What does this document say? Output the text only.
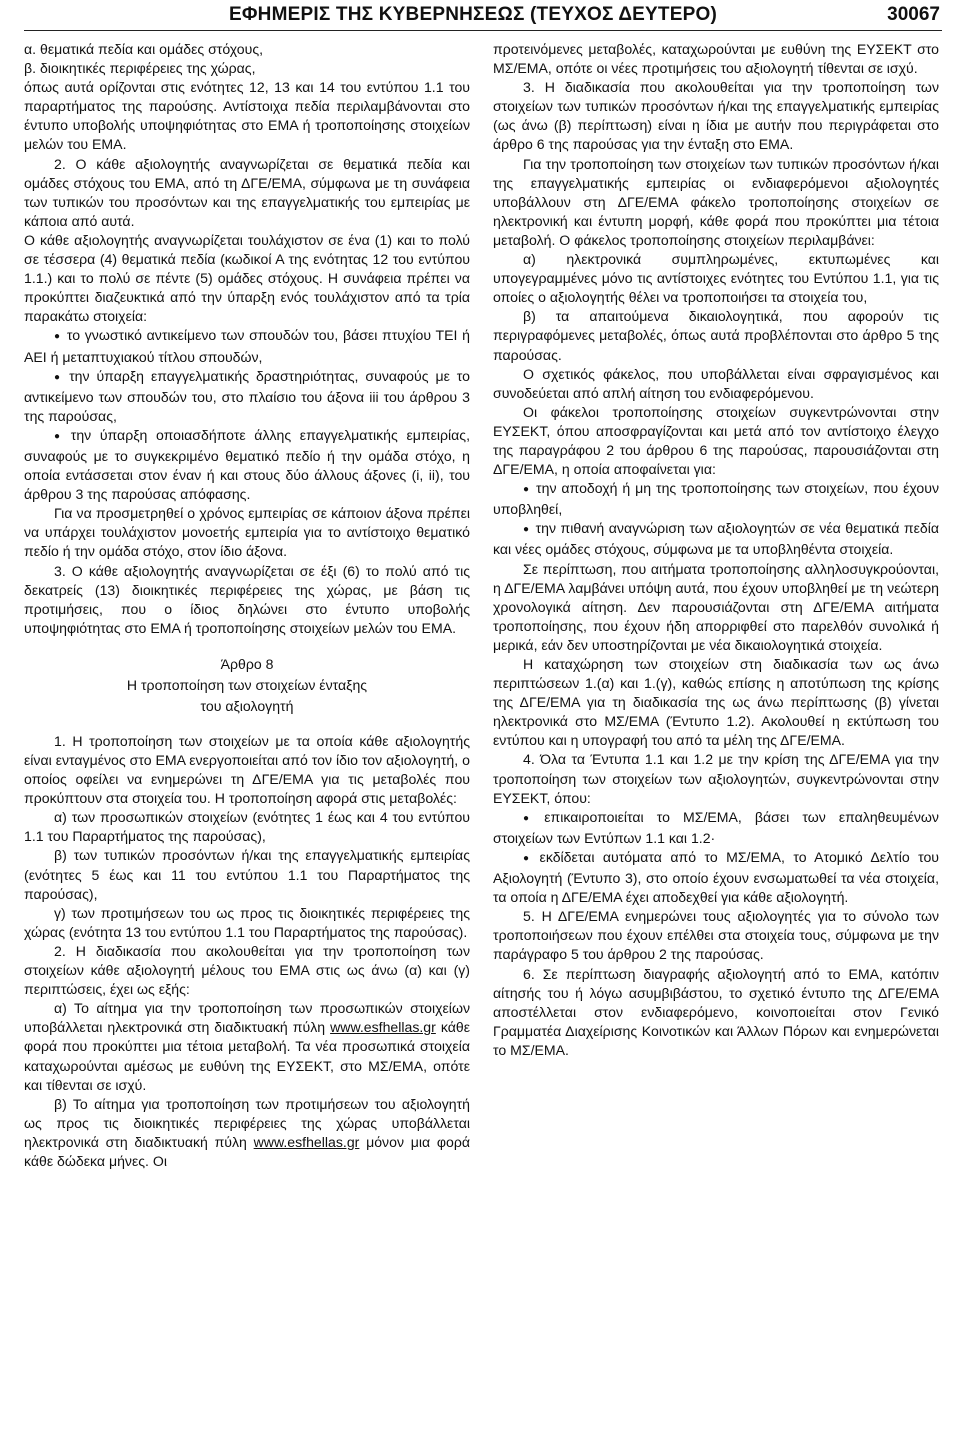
ΕΦΗΜΕΡΙΣ ΤΗΣ ΚΥΒΕΡΝΗΣΕΩΣ (ΤΕΥΧΟΣ ΔΕΥΤΕΡΟ)	30067

α. θεματικά πεδία και ομάδες στόχους,

β. διοικητικές περιφέρειες της χώρας,

όπως αυτά ορίζονται στις ενότητες 12, 13 και 14 του εντύπου 1.1 του παραρτήματος της παρούσης. Αντίστοιχα πεδία περιλαμβάνονται στο έντυπο υποβολής υποψηφιότητας στο ΕΜΑ ή τροποποίησης στοιχείων μελών του ΕΜΑ.

2. Ο κάθε αξιολογητής αναγνωρίζεται σε θεματικά πεδία και ομάδες στόχους του ΕΜΑ, από τη ΔΓΕ/ΕΜΑ, σύμφωνα με τη συνάφεια των τυπικών του προσόντων και της επαγγελματικής του εμπειρίας με κάποια από αυτά.

Ο κάθε αξιολογητής αναγνωρίζεται τουλάχιστον σε ένα (1) και το πολύ σε τέσσερα (4) θεματικά πεδία (κωδικοί Α της ενότητας 12 του εντύπου 1.1.) και το πολύ σε πέντε (5) ομάδες στόχους. Η συνάφεια πρέπει να προκύπτει διαζευκτικά από την ύπαρξη ενός τουλάχιστον από τα τρία παρακάτω στοιχεία:

● το γνωστικό αντικείμενο των σπουδών του, βάσει πτυχίου ΤΕΙ ή ΑΕΙ ή μεταπτυχιακού τίτλου σπουδών,

● την ύπαρξη επαγγελματικής δραστηριότητας, συναφούς με το αντικείμενο των σπουδών του, στο πλαίσιο του άξονα iii του άρθρου 3 της παρούσας,

● την ύπαρξη οποιασδήποτε άλλης επαγγελματικής εμπειρίας, συναφούς με το συγκεκριμένο θεματικό πεδίο ή την ομάδα στόχο, η οποία εντάσσεται στον έναν ή και στους δύο άλλους άξονες (i, ii), του άρθρου 3 της παρούσας απόφασης.

Για να προσμετρηθεί ο χρόνος εμπειρίας σε κάποιον άξονα πρέπει να υπάρχει τουλάχιστον μονοετής εμπειρία για το αντίστοιχο θεματικό πεδίο ή την ομάδα στόχο, στον ίδιο άξονα.

3. Ο κάθε αξιολογητής αναγνωρίζεται σε έξι (6) το πολύ από τις δεκατρείς (13) διοικητικές περιφέρειες της χώρας, με βάση τις προτιμήσεις, που ο ίδιος δηλώνει στο έντυπο υποβολής υποψηφιότητας στο ΕΜΑ ή τροποποίησης στοιχείων μελών του ΕΜΑ.

Άρθρο 8
Η τροποποίηση των στοιχείων ένταξης
του αξιολογητή

1. Η τροποποίηση των στοιχείων με τα οποία κάθε αξιολογητής είναι ενταγμένος στο ΕΜΑ ενεργοποιείται από τον ίδιο τον αξιολογητή, ο οποίος οφείλει να ενημερώνει τη ΔΓΕ/ΕΜΑ για τις μεταβολές που προκύπτουν στα στοιχεία του. Η τροποποίηση αφορά στις μεταβολές:

α) των προσωπικών στοιχείων (ενότητες 1 έως και 4 του εντύπου 1.1 του Παραρτήματος της παρούσας),

β) των τυπικών προσόντων ή/και της επαγγελματικής εμπειρίας (ενότητες 5 έως και 11 του εντύπου 1.1 του Παραρτήματος της παρούσας),

γ) των προτιμήσεων του ως προς τις διοικητικές περιφέρειες της χώρας (ενότητα 13 του εντύπου 1.1 του Παραρτήματος της παρούσας).

2. Η διαδικασία που ακολουθείται για την τροποποίηση των στοιχείων κάθε αξιολογητή μέλους του ΕΜΑ στις ως άνω (α) και (γ) περιπτώσεις, έχει ως εξής:

α) Το αίτημα για την τροποποίηση των προσωπικών στοιχείων υποβάλλεται ηλεκτρονικά στη διαδικτυακή πύλη www.esfhellas.gr κάθε φορά που προκύπτει μια τέτοια μεταβολή. Τα νέα προσωπικά στοιχεία καταχωρούνται αμέσως με ευθύνη της ΕΥΣΕΚΤ, στο ΜΣ/ΕΜΑ, οπότε και τίθενται σε ισχύ.

β) Το αίτημα για τροποποίηση των προτιμήσεων του αξιολογητή ως προς τις διοικητικές περιφέρειες της χώρας υποβάλλεται ηλεκτρονικά στη διαδικτυακή πύλη www.esfhellas.gr μόνον μια φορά κάθε δώδεκα μήνες. Οι

προτεινόμενες μεταβολές, καταχωρούνται με ευθύνη της ΕΥΣΕΚΤ στο ΜΣ/ΕΜΑ, οπότε οι νέες προτιμήσεις του αξιολογητή τίθενται σε ισχύ.

3. Η διαδικασία που ακολουθείται για την τροποποίηση των στοιχείων των τυπικών προσόντων ή/και της επαγγελματικής εμπειρίας (ως άνω (β) περίπτωση) είναι η ίδια με αυτήν που περιγράφεται στο άρθρο 6 της παρούσας για την ένταξη στο ΕΜΑ.

Για την τροποποίηση των στοιχείων των τυπικών προσόντων ή/και της επαγγελματικής εμπειρίας οι ενδιαφερόμενοι αξιολογητές υποβάλλουν στη ΔΓΕ/ΕΜΑ φάκελο τροποποίησης στοιχείων σε ηλεκτρονική και έντυπη μορφή, κάθε φορά που προκύπτει μια τέτοια μεταβολή. Ο φάκελος τροποποίησης στοιχείων περιλαμβάνει:

α) ηλεκτρονικά συμπληρωμένες, εκτυπωμένες και υπογεγραμμένες μόνο τις αντίστοιχες ενότητες του Εντύπου 1.1, για τις οποίες ο αξιολογητής θέλει να τροποποιήσει τα στοιχεία του,

β) τα απαιτούμενα δικαιολογητικά, που αφορούν τις περιγραφόμενες μεταβολές, όπως αυτά προβλέπονται στο άρθρο 5 της παρούσας.

Ο σχετικός φάκελος, που υποβάλλεται είναι σφραγισμένος και συνοδεύεται από απλή αίτηση του ενδιαφερόμενου.

Οι φάκελοι τροποποίησης στοιχείων συγκεντρώνονται στην ΕΥΣΕΚΤ, όπου αποσφραγίζονται και μετά από τον αντίστοιχο έλεγχο της παραγράφου 2 του άρθρου 6 της παρούσας, παρουσιάζονται στη ΔΓΕ/ΕΜΑ, η οποία αποφαίνεται για:

● την αποδοχή ή μη της τροποποίησης των στοιχείων, που έχουν υποβληθεί,

● την πιθανή αναγνώριση των αξιολογητών σε νέα θεματικά πεδία και νέες ομάδες στόχους, σύμφωνα με τα υποβληθέντα στοιχεία.

Σε περίπτωση, που αιτήματα τροποποίησης αλληλοσυγκρούονται, η ΔΓΕ/ΕΜΑ λαμβάνει υπόψη αυτά, που έχουν υποβληθεί με τη νεώτερη χρονολογικά αίτηση. Δεν παρουσιάζονται στη ΔΓΕ/ΕΜΑ αιτήματα τροποποίησης, που έχουν ήδη απορριφθεί στο παρελθόν συνολικά ή μερικά, εάν δεν υποστηρίζονται με νέα δικαιολογητικά στοιχεία.

Η καταχώρηση των στοιχείων στη διαδικασία των ως άνω περιπτώσεων 1.(α) και 1.(γ), καθώς επίσης η αποτύπωση της κρίσης της ΔΓΕ/ΕΜΑ για τη διαδικασία της ως άνω περίπτωσης (β) γίνεται ηλεκτρονικά στο ΜΣ/ΕΜΑ (Έντυπο 1.2). Ακολουθεί η εκτύπωση του εντύπου και η υπογραφή του από τα μέλη της ΔΓΕ/ΕΜΑ.

4. Όλα τα Έντυπα 1.1 και 1.2 με την κρίση της ΔΓΕ/ΕΜΑ για την τροποποίηση των στοιχείων των αξιολογητών, συγκεντρώνονται στην ΕΥΣΕΚΤ, όπου:

● επικαιροποιείται το ΜΣ/ΕΜΑ, βάσει των επαληθευμένων στοιχείων των Εντύπων 1.1 και 1.2·

● εκδίδεται αυτόματα από το ΜΣ/ΕΜΑ, το Ατομικό Δελτίο του Αξιολογητή (Έντυπο 3), στο οποίο έχουν ενσωματωθεί τα νέα στοιχεία, τα οποία η ΔΓΕ/ΕΜΑ έχει αποδεχθεί για κάθε αξιολογητή.

5. Η ΔΓΕ/ΕΜΑ ενημερώνει τους αξιολογητές για το σύνολο των τροποποιήσεων που έχουν επέλθει στα στοιχεία τους, σύμφωνα με την παράγραφο 5 του άρθρου 2 της παρούσας.

6. Σε περίπτωση διαγραφής αξιολογητή από το ΕΜΑ, κατόπιν αίτησής του ή λόγω ασυμβιβάστου, το σχετικό έντυπο της ΔΓΕ/ΕΜΑ αποστέλλεται στον ενδιαφερόμενο, κοινοποιείται στον Γενικό Γραμματέα Διαχείρισης Κοινοτικών και Άλλων Πόρων και ενημερώνεται το ΜΣ/ΕΜΑ.
